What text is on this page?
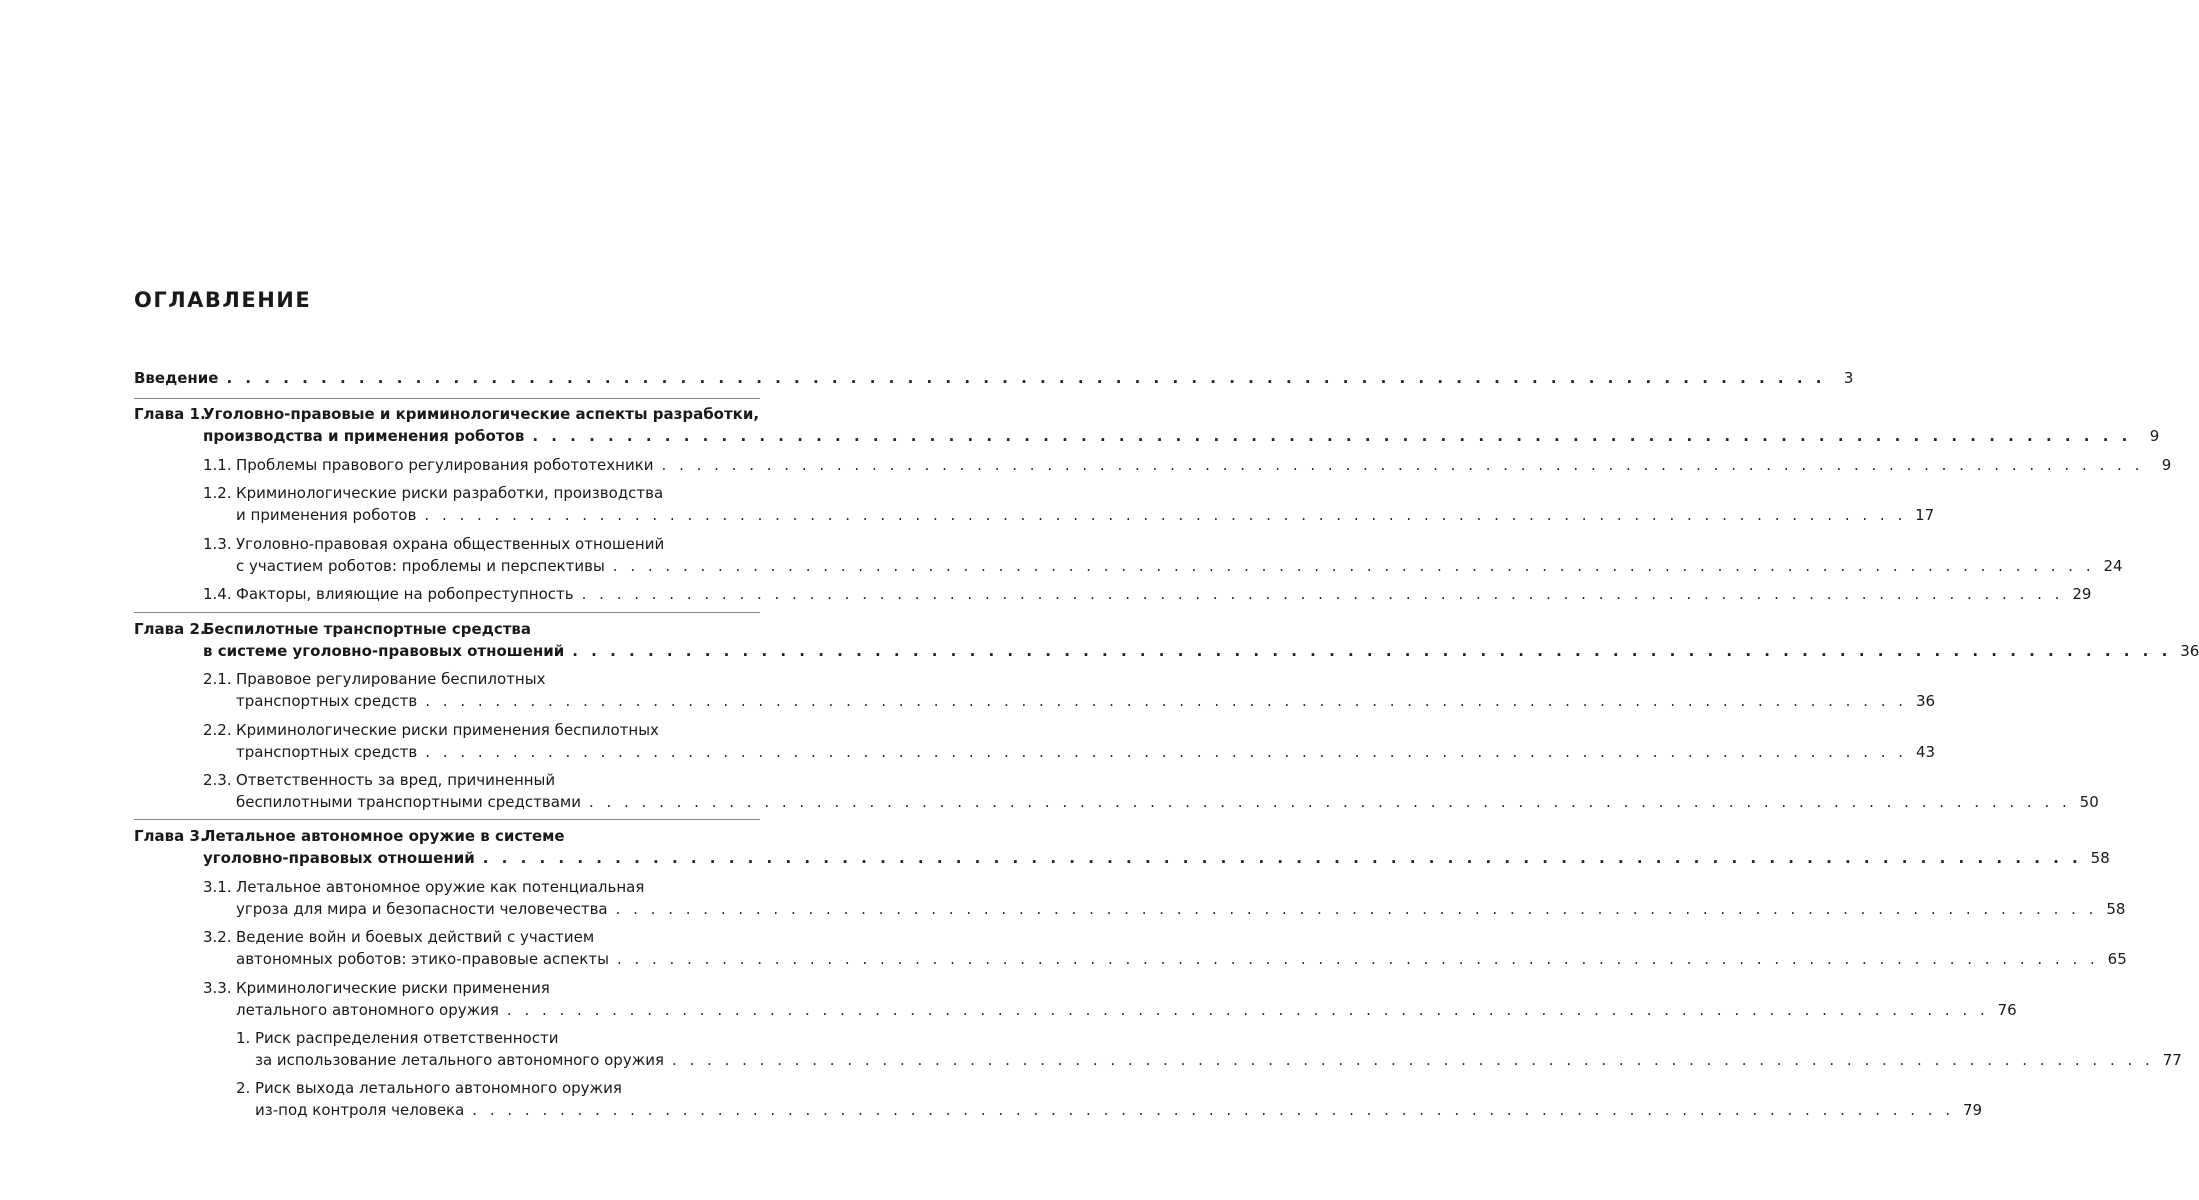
ОГЛАВЛЕНИЕ
Введение . . . . . . . . . . . . . . . . . . . . . . . . . . . . . . . . . . . . . . . . . . . . . . . . . . . . . . . . . . . . . . . . . . . . . . . . . . . . . . . . . . . . .	3
Глава 1.
Уголовно-правовые и криминологические аспекты разработки,
производства и применения роботов . . . . . . . . . . . . . . . . . . . . . . . . . . . . . . . . . . . . . . . . . . . . . . . . . . . . . . . . . . . . . . . . . . . . . . . . . . . . . . . . . . . . .	9
1.1. Проблемы правового регулирования робототехники . . . . . . . . . . . . . . . . . . . . . . . . . . . . . . . . . . . . . . . . . . . . . . . . . . . . . . . . . . . . . . . . . . . . . . . . . . . . . . . . . . . . .	9
1.2. Криминологические риски разработки, производства
и применения роботов . . . . . . . . . . . . . . . . . . . . . . . . . . . . . . . . . . . . . . . . . . . . . . . . . . . . . . . . . . . . . . . . . . . . . . . . . . . . . . . . . . . . . 17
1.3. Уголовно-правовая охрана общественных отношений
с участием роботов: проблемы и перспективы . . . . . . . . . . . . . . . . . . . . . . . . . . . . . . . . . . . . . . . . . . . . . . . . . . . . . . . . . . . . . . . . . . . . . . . . . . . . . . . . . . . . . 24
1.4. Факторы, влияющие на робопреступность . . . . . . . . . . . . . . . . . . . . . . . . . . . . . . . . . . . . . . . . . . . . . . . . . . . . . . . . . . . . . . . . . . . . . . . . . . . . . . . . . . . . . 29
Глава 2.
Беспилотные транспортные средства
в системе уголовно-правовых отношений . . . . . . . . . . . . . . . . . . . . . . . . . . . . . . . . . . . . . . . . . . . . . . . . . . . . . . . . . . . . . . . . . . . . . . . . . . . . . . . . . . . . . 36
2.1. Правовое регулирование беспилотных
транспортных средств . . . . . . . . . . . . . . . . . . . . . . . . . . . . . . . . . . . . . . . . . . . . . . . . . . . . . . . . . . . . . . . . . . . . . . . . . . . . . . . . . . . . . 36
2.2. Криминологические риски применения беспилотных
транспортных средств . . . . . . . . . . . . . . . . . . . . . . . . . . . . . . . . . . . . . . . . . . . . . . . . . . . . . . . . . . . . . . . . . . . . . . . . . . . . . . . . . . . . . 43
2.3. Ответственность за вред, причиненный
беспилотными транспортными средствами . . . . . . . . . . . . . . . . . . . . . . . . . . . . . . . . . . . . . . . . . . . . . . . . . . . . . . . . . . . . . . . . . . . . . . . . . . . . . . . . . . . . . 50
Глава 3.
Летальное автономное оружие в системе
уголовно-правовых отношений . . . . . . . . . . . . . . . . . . . . . . . . . . . . . . . . . . . . . . . . . . . . . . . . . . . . . . . . . . . . . . . . . . . . . . . . . . . . . . . . . . . . . 58
3.1. Летальное автономное оружие как потенциальная
угроза для мира и безопасности человечества . . . . . . . . . . . . . . . . . . . . . . . . . . . . . . . . . . . . . . . . . . . . . . . . . . . . . . . . . . . . . . . . . . . . . . . . . . . . . . . . . . . . . 58
3.2. Ведение войн и боевых действий с участием
автономных роботов: этико-правовые аспекты . . . . . . . . . . . . . . . . . . . . . . . . . . . . . . . . . . . . . . . . . . . . . . . . . . . . . . . . . . . . . . . . . . . . . . . . . . . . . . . . . . . . . 65
3.3. Криминологические риски применения
летального автономного оружия . . . . . . . . . . . . . . . . . . . . . . . . . . . . . . . . . . . . . . . . . . . . . . . . . . . . . . . . . . . . . . . . . . . . . . . . . . . . . . . . . . . . . 76
1. Риск распределения ответственности
за использование летального автономного оружия . . . . . . . . . . . . . . . . . . . . . . . . . . . . . . . . . . . . . . . . . . . . . . . . . . . . . . . . . . . . . . . . . . . . . . . . . . . . . . . . . . . . . 77
2. Риск выхода летального автономного оружия
из-под контроля человека . . . . . . . . . . . . . . . . . . . . . . . . . . . . . . . . . . . . . . . . . . . . . . . . . . . . . . . . . . . . . . . . . . . . . . . . . . . . . . . . . . . . . 79
